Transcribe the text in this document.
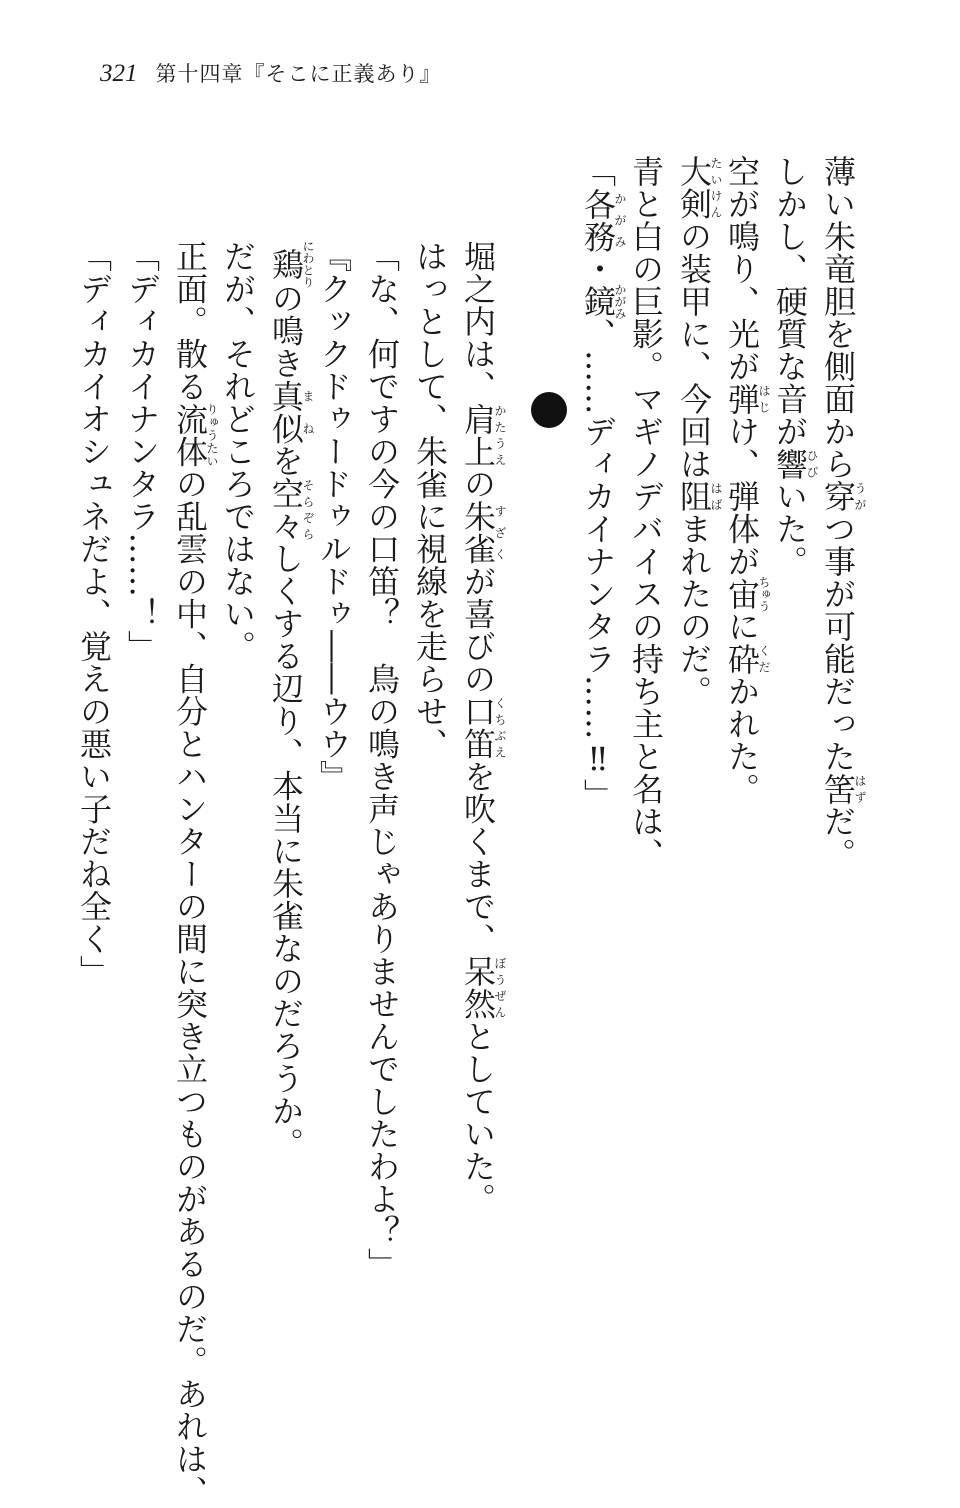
321 第十四章『そこに正義あり』
薄い朱竜胆を側面から穿うがつ事が可能だった筈はずだ。
しかし、硬質な音が響ひびいた。
空が鳴り、光が弾はじけ、弾体が宙ちゅうに砕くだかれた。
大剣たいけんの装甲に、今回は阻はばまれたのだ。
青と白の巨影。マギノデバイスの持ち主と名は、
「各務かがみ・鏡かがみ、……ディカイナンタラ……‼」
堀之内は、肩上かたうえの朱雀すざくが喜びの口笛くちぶえを吹くまで、呆然ぼうぜんとしていた。
はっとして、朱雀に視線を走らせ、
「な、何ですの今の口笛？　鳥の鳴き声じゃありませんでしたわよ？」
『クックドゥードゥルドゥ――ウウ』
鶏にわとりの鳴き真似まねを空々そらぞらしくする辺り、本当に朱雀なのだろうか。
だが、それどころではない。
正面。散る流体りゅうたいの乱雲の中、自分とハンターの間に突き立つものがあるのだ。あれは、
「ディカイナンタラ……！」
「ディカイオシュネだよ、覚えの悪い子だね全く」
